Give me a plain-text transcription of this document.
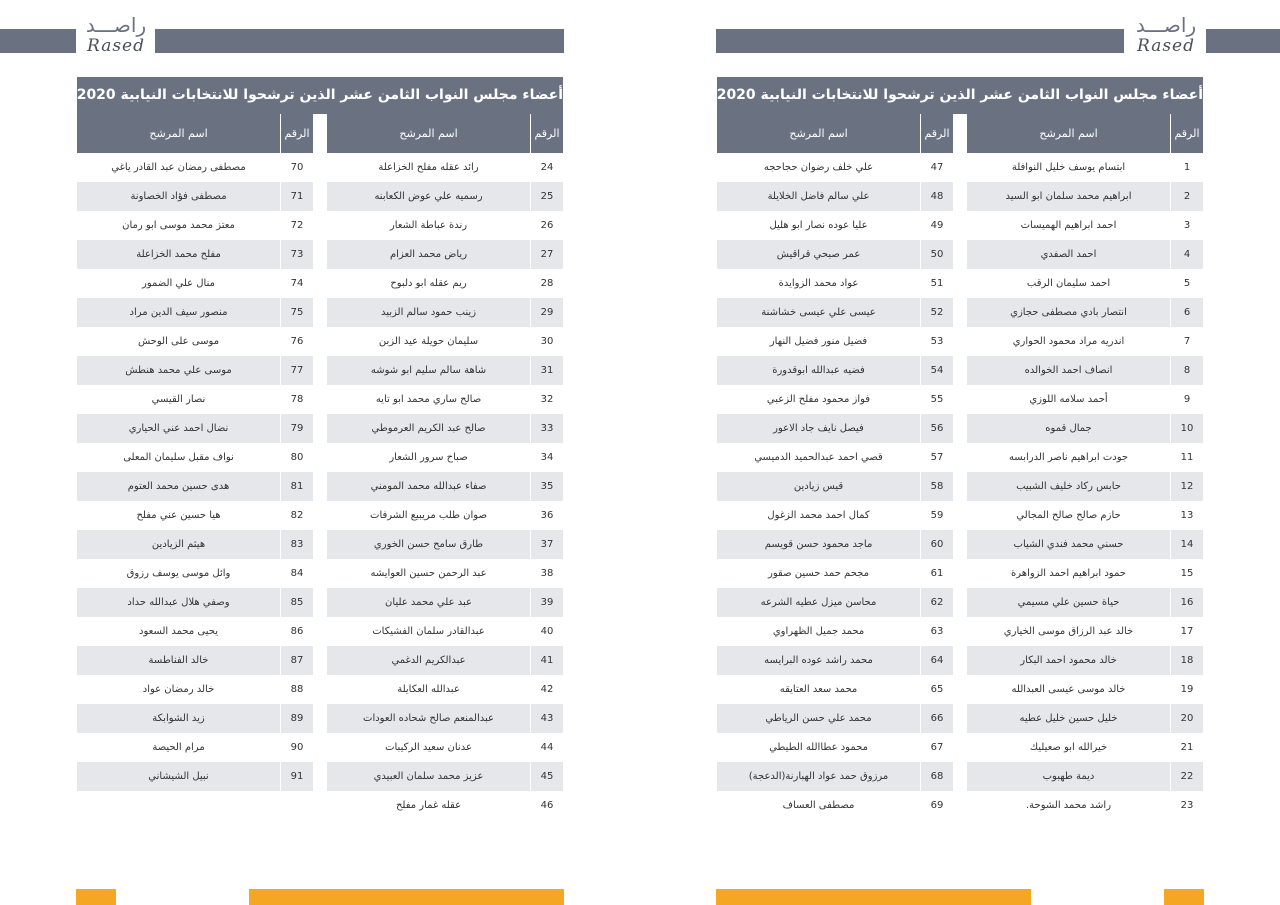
راصـــد
Rased
أعضاء مجلس النواب الثامن عشر الذين ترشحوا للانتخابات النيابية 2020
اسم المرشح	الرقم
مصطفى رمضان عبد القادر ياغي	70
مصطفى فؤاد الخصاونة	71
معتز محمد موسى ابو رمان	72
مفلح محمد الخزاعلة	73
منال علي الضمور	74
منصور سيف الدين مراد	75
موسى على الوحش	76
موسى علي محمد هنطش	77
نصار القيسي	78
نضال احمد عني الحياري	79
نواف مقبل سليمان المعلى	80
هدى حسين محمد العتوم	81
هيا حسين عني مفلح	82
هيثم الزيادين	83
وائل موسى يوسف رزوق	84
وصفي هلال عبدالله حداد	85
يحيى محمد السعود	86
خالد الفناطسة	87
خالد رمضان عواد	88
زيد الشوابكة	89
مرام الحيصة	90
نبيل الشيشاني	91
اسم المرشح	الرقم
رائد عقله مفلح الخزاعلة	24
رسميه علي عوض الكعابنه	25
رندة عباطة الشعار	26
رياض محمد العزام	27
ريم عقله ابو دلبوح	28
زينب حمود سالم الزبيد	29
سليمان حويلة عيد الزبن	30
شاهة سالم سليم ابو شوشه	31
صالح ساري محمد ابو تايه	32
صالح عبد الكريم العرموطي	33
صباح سرور الشعار	34
صفاء عبدالله محمد المومني	35
صوان طلب مريبيع الشرفات	36
طارق سامح حسن الخوري	37
عبد الرحمن حسين العوايشه	38
عبد علي محمد عليان	39
عبدالقادر سلمان الفشيكات	40
عبدالكريم الدغمي	41
عبدالله العكايلة	42
عبدالمنعم صالح شحاده العودات	43
عدنان سعيد الركيبات	44
عزيز محمد سلمان العبيدي	45
عقله غمار مفلح	46
راصـــد
Rased
أعضاء مجلس النواب الثامن عشر الذين ترشحوا للانتخابات النيابية 2020
اسم المرشح	الرقم
علي خلف رضوان حجاحجه	47
علي سالم فاضل الخلايلة	48
عليا عوده نصار ابو هليل	49
عمر صبحي قراقيش	50
عواد محمد الزوايدة	51
عيسى علي عيسى خشاشنة	52
فضيل منور فضيل النهار	53
فضيه عبدالله ابوقدورة	54
فواز محمود مفلح الزعبي	55
فيصل نايف جاد الاعور	56
قصي احمد عبدالحميد الدميسي	57
قيس زيادين	58
كمال احمد محمد الزغول	59
ماجد محمود حسن قويسم	60
مجحم حمد حسين صقور	61
محاسن ميزل عطيه الشرعه	62
محمد جميل الظهراوي	63
محمد راشد عوده البرايسه	64
محمد سعد العتايقه	65
محمد علي حسن الرياطي	66
محمود عطاالله الطيطي	67
مرزوق حمد عواد الهبارنة(الدعجة)	68
مصطفى العساف	69
اسم المرشح	الرقم
ابتسام يوسف خليل النوافلة	1
ابراهيم محمد سلمان ابو السيد	2
احمد ابراهيم الهميسات	3
احمد الصفدي	4
احمد سليمان الرقب	5
انتصار بادي مصطفى حجازي	6
اندريه مراد محمود الحواري	7
انصاف احمد الخوالده	8
أحمد سلامه اللوزي	9
جمال قموه	10
جودت ابراهيم ناصر الدرابسه	11
حابس ركاد خليف الشبيب	12
حازم صالح صالح المجالي	13
حسني محمد فندي الشياب	14
حمود ابراهيم احمد الزواهرة	15
حياة حسين علي مسيمي	16
خالد عبد الرزاق موسى الخياري	17
خالد محمود احمد البكار	18
خالد موسى عيسى العبدالله	19
خليل حسين خليل عطيه	20
خيرالله ابو صعيليك	21
ديمة طهبوب	22
راشد محمد الشوحة.	23
